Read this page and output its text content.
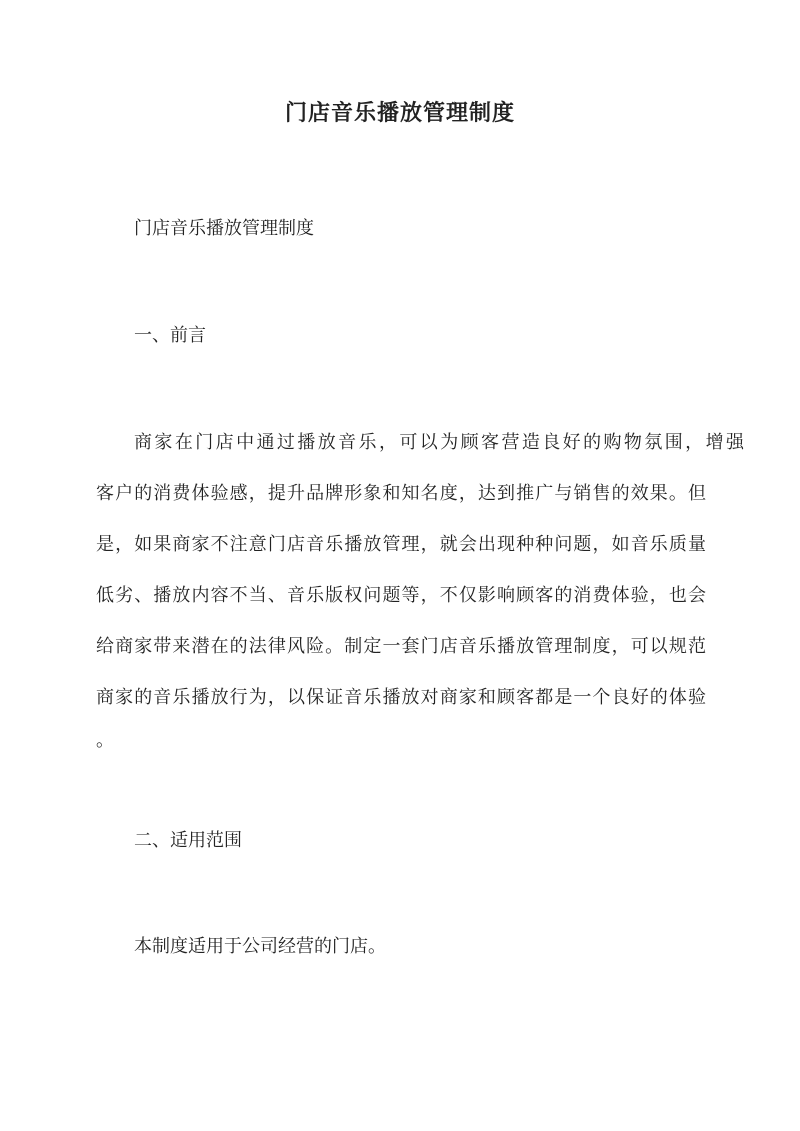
门店音乐播放管理制度

门店音乐播放管理制度

一、前言

商家在门店中通过播放音乐，可以为顾客营造良好的购物氛围，增强

客户的消费体验感，提升品牌形象和知名度，达到推广与销售的效果。但

是，如果商家不注意门店音乐播放管理，就会出现种种问题，如音乐质量

低劣、播放内容不当、音乐版权问题等，不仅影响顾客的消费体验，也会

给商家带来潜在的法律风险。制定一套门店音乐播放管理制度，可以规范

商家的音乐播放行为，以保证音乐播放对商家和顾客都是一个良好的体验

。

二、适用范围

本制度适用于公司经营的门店。
